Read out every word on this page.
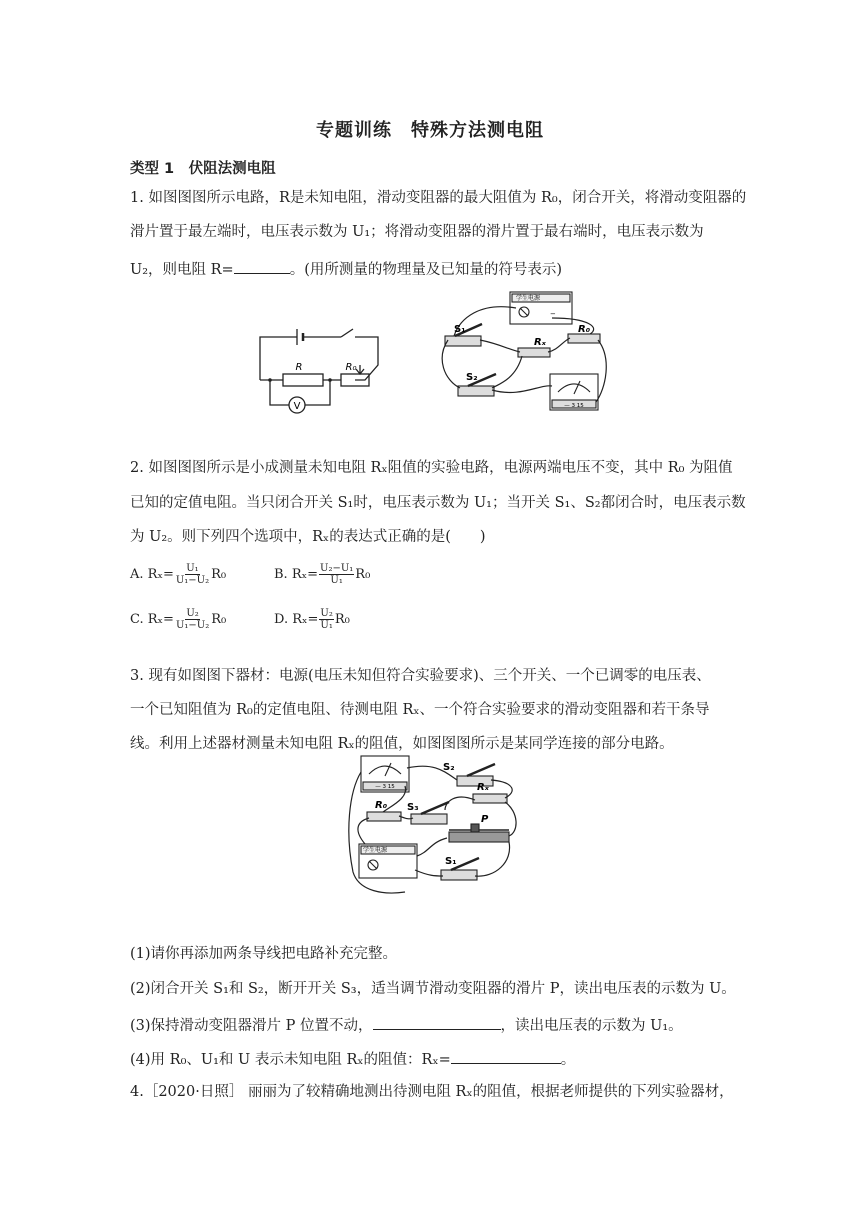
专题训练　特殊方法测电阻
类型 1　伏阻法测电阻
1. 如图图图所示电路，R是未知电阻，滑动变阻器的最大阻值为 R₀，闭合开关，将滑动变阻器的
滑片置于最左端时，电压表示数为 U₁；将滑动变阻器的滑片置于最右端时，电压表示数为
U₂，则电阻 R=	。(用所测量的物理量及已知量的符号表示)
R	R₀
V
学生电源
−
S₁
Rₓ
R₀
S₂
— 3 15
2. 如图图图所示是小成测量未知电阻 Rₓ阻值的实验电路，电源两端电压不变，其中 R₀ 为阻值
已知的定值电阻。当只闭合开关 S₁时，电压表示数为 U₁；当开关 S₁、S₂都闭合时，电压表示数
为 U₂。则下列四个选项中，Rₓ的表达式正确的是(　　)
A. $R_x= \frac{\text{U₁}}{\text{U₁−U₂}} R_0$	B. $R_x= \frac{\text{U₂−U₁}}{\text{U₁}} R_0$
C. $R_x= \frac{\text{U₂}}{\text{U₁−U₂}} R_0$	D. $R_x= \frac{\text{U₂}}{\text{U₁}} R_0$
3. 现有如图图下器材：电源(电压未知但符合实验要求)、三个开关、一个已调零的电压表、
一个已知阻值为 R₀的定值电阻、待测电阻 Rₓ、一个符合实验要求的滑动变阻器和若干条导
线。利用上述器材测量未知电阻 Rₓ的阻值，如图图图所示是某同学连接的部分电路。
S₂
Rₓ
R₀ S₃
P
学生电源
S₁
— 3 15
(1)请你再添加两条导线把电路补充完整。
(2)闭合开关 S₁和 S₂，断开开关 S₃，适当调节滑动变阻器的滑片 P，读出电压表的示数为 U。
(3)保持滑动变阻器滑片 P 位置不动，	，读出电压表的示数为 U₁。
(4)用 R₀、U₁和 U 表示未知电阻 Rₓ的阻值：Rₓ=	。
4.［2020·日照］ 丽丽为了较精确地测出待测电阻 Rₓ的阻值，根据老师提供的下列实验器材，
